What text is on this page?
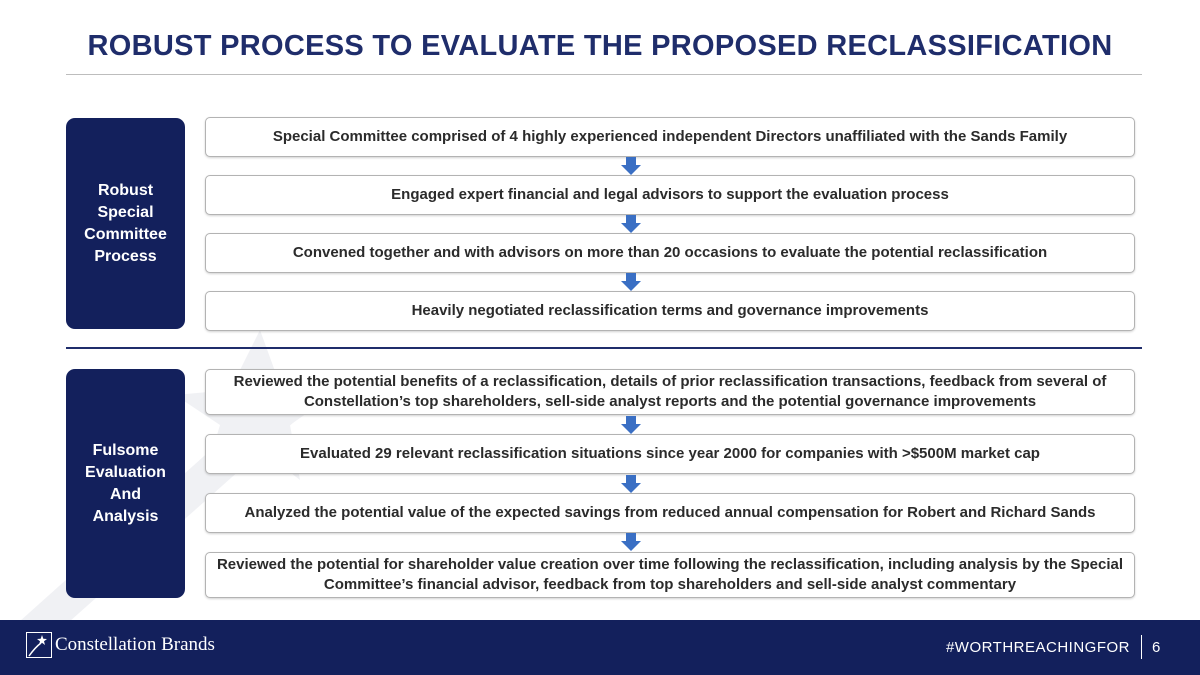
ROBUST PROCESS TO EVALUATE THE PROPOSED RECLASSIFICATION
Robust
Special
Committee
Process
Special Committee comprised of 4 highly experienced independent Directors unaffiliated with the Sands Family
Engaged expert financial and legal advisors to support the evaluation process
Convened together and with advisors on more than 20 occasions to evaluate the potential reclassification
Heavily negotiated reclassification terms and governance improvements
Fulsome
Evaluation
And
Analysis
Reviewed the potential benefits of a reclassification, details of prior reclassification transactions, feedback from several of Constellation’s top shareholders, sell-side analyst reports and the potential governance improvements
Evaluated 29 relevant reclassification situations since year 2000 for companies with >$500M market cap
Analyzed the potential value of the expected savings from reduced annual compensation for Robert and Richard Sands
Reviewed the potential for shareholder value creation over time following the reclassification, including analysis by the Special Committee’s financial advisor, feedback from top shareholders and sell-side analyst commentary
Constellation Brands	#WORTHREACHINGFOR 6
